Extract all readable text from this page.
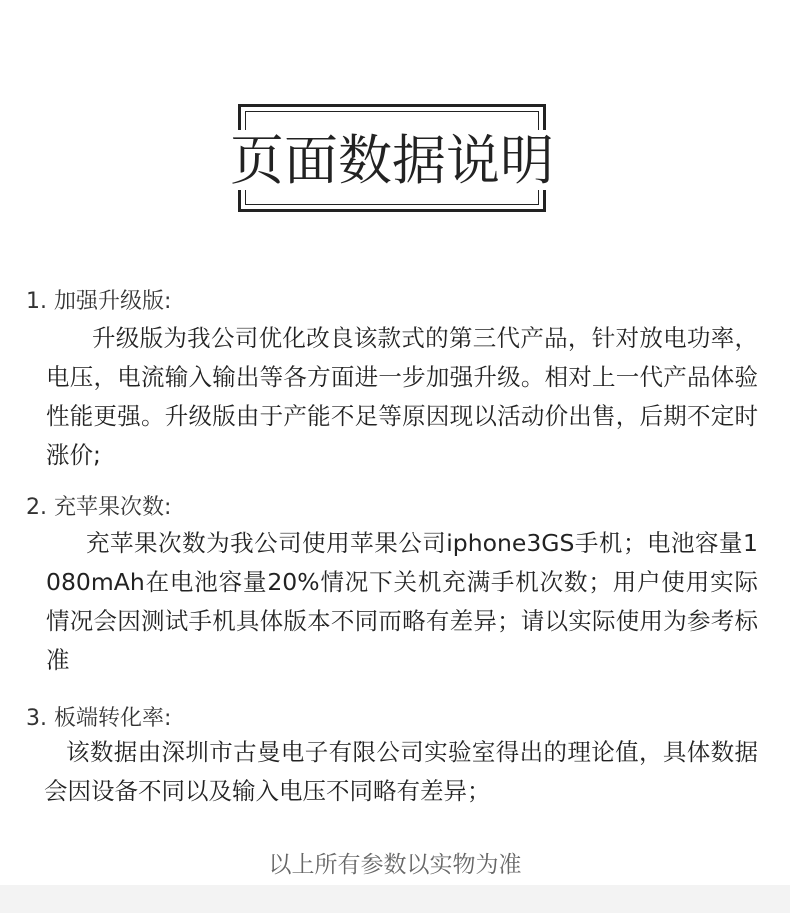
页面数据说明
1. 加强升级版:
升级版为我公司优化改良该款式的第三代产品，针对放电功率，电压，电流输入输出等各方面进一步加强升级。相对上一代产品体验性能更强。升级版由于产能不足等原因现以活动价出售，后期不定时涨价;
2. 充苹果次数:
充苹果次数为我公司使用苹果公司iphone3GS手机；电池容量1080mAh在电池容量20%情况下关机充满手机次数；用户使用实际情况会因测试手机具体版本不同而略有差异；请以实际使用为参考标准
3. 板端转化率:
该数据由深圳市古曼电子有限公司实验室得出的理论值，具体数据会因设备不同以及输入电压不同略有差异；
以上所有参数以实物为准
